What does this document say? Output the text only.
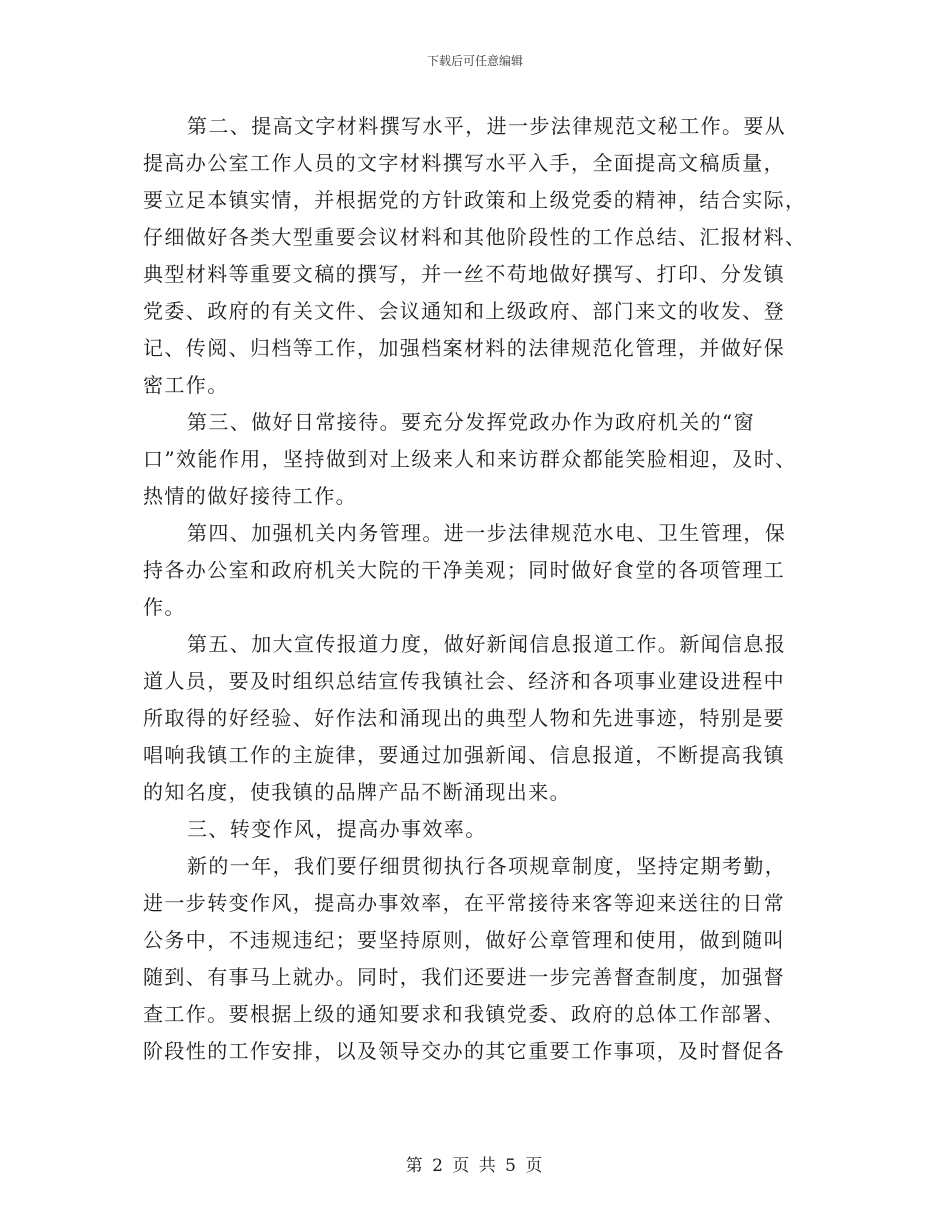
下载后可任意编辑
第二、提高文字材料撰写水平，进一步法律规范文秘工作。要从
提高办公室工作人员的文字材料撰写水平入手，全面提高文稿质量，
要立足本镇实情，并根据党的方针政策和上级党委的精神，结合实际，
仔细做好各类大型重要会议材料和其他阶段性的工作总结、汇报材料、
典型材料等重要文稿的撰写，并一丝不苟地做好撰写、打印、分发镇
党委、政府的有关文件、会议通知和上级政府、部门来文的收发、登
记、传阅、归档等工作，加强档案材料的法律规范化管理，并做好保
密工作。
第三、做好日常接待。要充分发挥党政办作为政府机关的“窗
口”效能作用，坚持做到对上级来人和来访群众都能笑脸相迎，及时、
热情的做好接待工作。
第四、加强机关内务管理。进一步法律规范水电、卫生管理，保
持各办公室和政府机关大院的干净美观；同时做好食堂的各项管理工
作。
第五、加大宣传报道力度，做好新闻信息报道工作。新闻信息报
道人员，要及时组织总结宣传我镇社会、经济和各项事业建设进程中
所取得的好经验、好作法和涌现出的典型人物和先进事迹，特别是要
唱响我镇工作的主旋律，要通过加强新闻、信息报道，不断提高我镇
的知名度，使我镇的品牌产品不断涌现出来。
三、转变作风，提高办事效率。
新的一年，我们要仔细贯彻执行各项规章制度，坚持定期考勤，
进一步转变作风，提高办事效率，在平常接待来客等迎来送往的日常
公务中，不违规违纪；要坚持原则，做好公章管理和使用，做到随叫
随到、有事马上就办。同时，我们还要进一步完善督查制度，加强督
查工作。要根据上级的通知要求和我镇党委、政府的总体工作部署、
阶段性的工作安排，以及领导交办的其它重要工作事项，及时督促各
第 2 页 共 5 页
